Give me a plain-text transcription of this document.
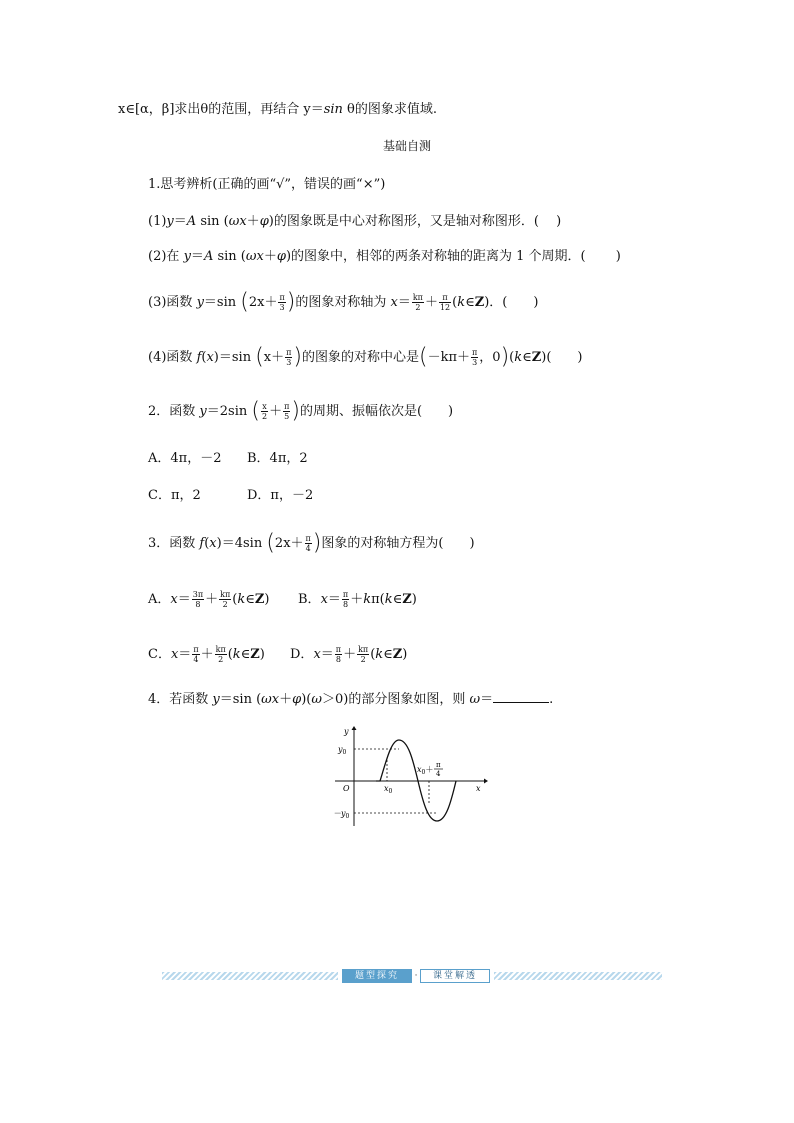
x∈[α，β]求出θ的范围，再结合 y＝sin θ的图象求值域.
基础自测
1.思考辨析(正确的画“√”，错误的画“×”)
(1)y＝A sin (ωx＋φ)的图象既是中心对称图形，又是轴对称图形．(　 )
(2)在 y＝A sin (ωx＋φ)的图象中，相邻的两条对称轴的距离为 1 个周期．(　 　)
(3)函数 y＝sin ($2x+ \frac{\pi}{3}$ )的图象对称轴为 $x= \frac{k\pi}{2} + \frac{\pi}{12}$ (k∈Z)．(　　)
(4)函数 f(x)＝sin ($x+ \frac{\pi}{3}$ )的图象的对称中心是($-k\pi+ \frac{\pi}{3}$ ，0)(k∈Z)(　　)
2．函数 y＝2sin ( $\frac{x}{2} + \frac{\pi}{5}$ )的周期、振幅依次是(　　)
A．4π，－2 B．4π，2
C．π，2	D．π，－2
3．函数 f(x)＝4sin ($2x+ \frac{\pi}{4}$ )图象的对称轴方程为(　　)
A．$x= \frac{3\pi}{8} + \frac{k\pi}{2}$ (k∈Z) B．$x= \frac{\pi}{8}$ ＋kπ(k∈Z)
C．$x= \frac{\pi}{4} + \frac{k\pi}{2}$ (k∈Z) D．$x= \frac{\pi}{8} + \frac{k\pi}{2}$ (k∈Z)
4．若函数 y＝sin (ωx＋φ)(ω＞0)的部分图象如图，则 ω＝	.
y
x
O
$y_0$
$-y_0$
$x_0$
$x_0+ \pi$
4
题型探究	·	课堂解透
